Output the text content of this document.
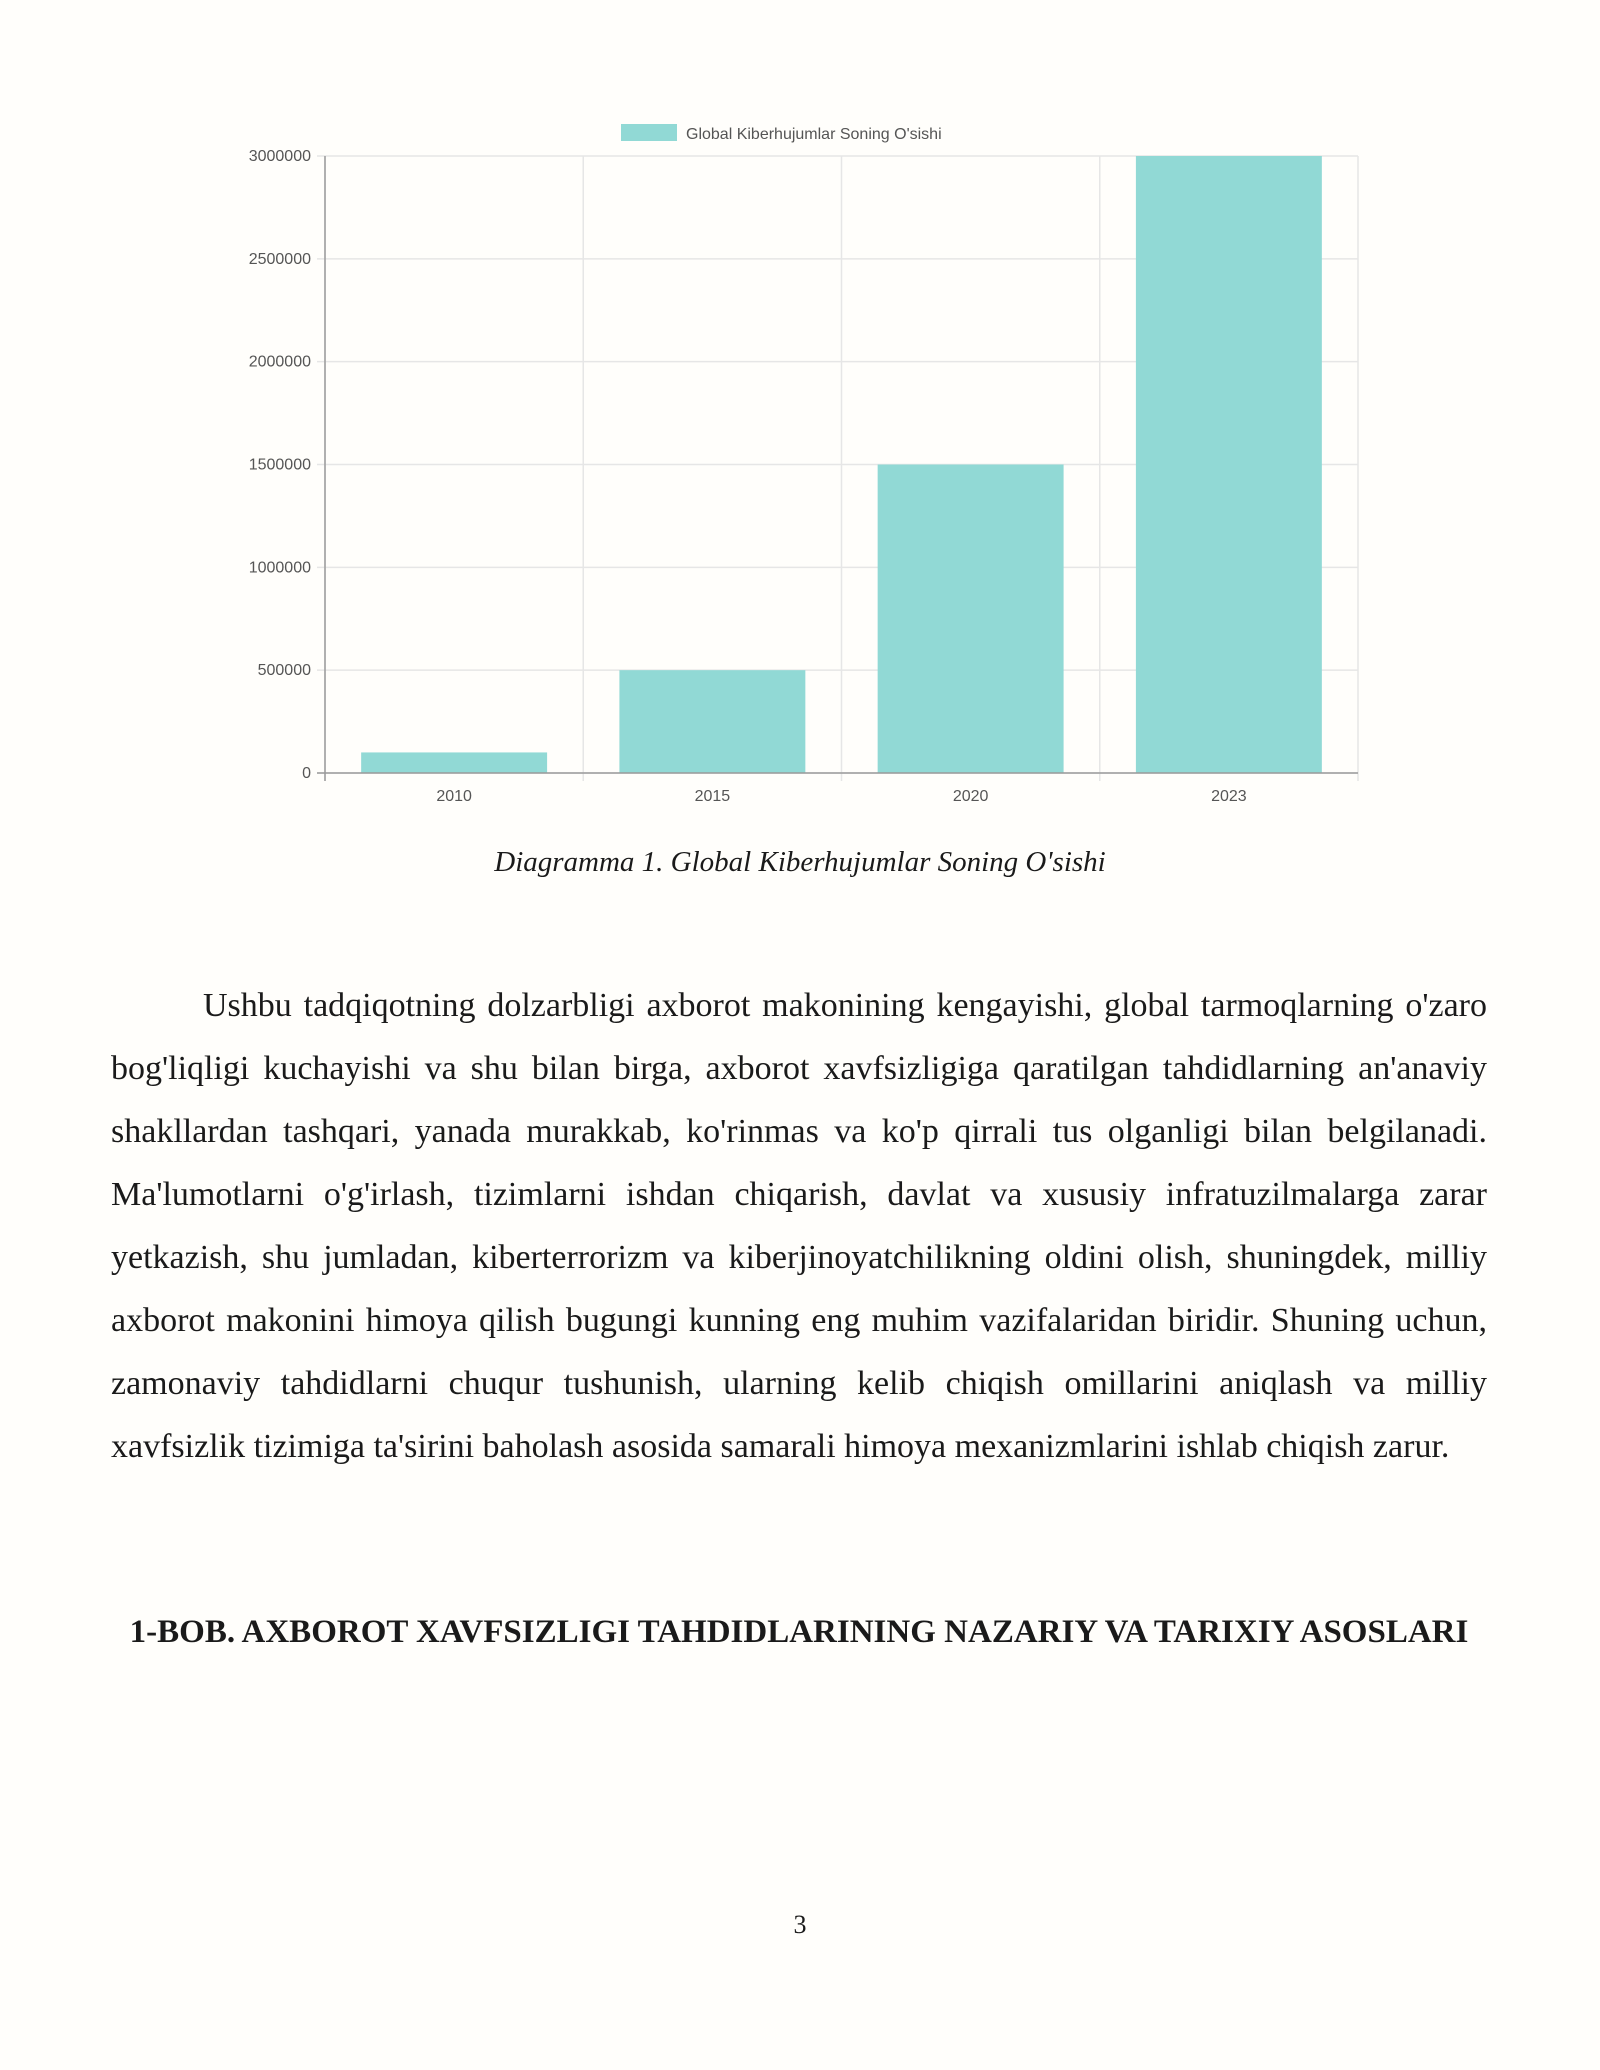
0
500000
1000000
1500000
2000000
2500000
3000000
2010	2015	2020	2023
Global Kiberhujumlar Soning O'sishi
Diagramma 1. Global Kiberhujumlar Soning O'sishi

Ushbu tadqiqotning dolzarbligi axborot makonining kengayishi, global tarmoqlarning o'zaro bog'liqligi kuchayishi va shu bilan birga, axborot xavfsizligiga qaratilgan tahdidlarning an'anaviy shakllardan tashqari, yanada murakkab, ko'rinmas va ko'p qirrali tus olganligi bilan belgilanadi. Ma'lumotlarni o'g'irlash, tizimlarni ishdan chiqarish, davlat va xususiy infratuzilmalarga zarar yetkazish, shu jumladan, kiberterrorizm va kiberjinoyatchilikning oldini olish, shuningdek, milliy axborot makonini himoya qilish bugungi kunning eng muhim vazifalaridan biridir. Shuning uchun, zamonaviy tahdidlarni chuqur tushunish, ularning kelib chiqish omillarini aniqlash va milliy xavfsizlik tizimiga ta'sirini baholash asosida samarali himoya mexanizmlarini ishlab chiqish zarur.

1-BOB. AXBOROT XAVFSIZLIGI TAHDIDLARINING NAZARIY VA TARIXIY ASOSLARI
3
